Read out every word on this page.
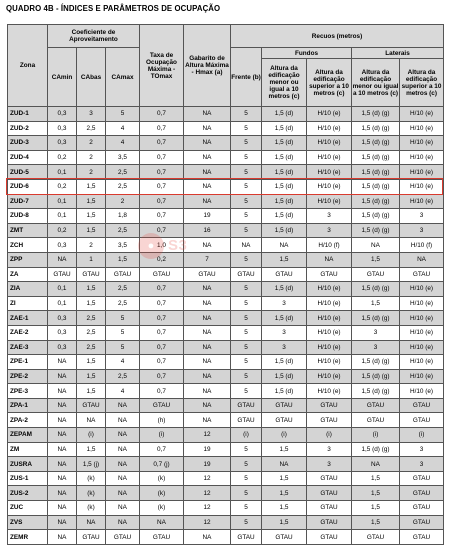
QUADRO 4B - ÍNDICES E PARÂMETROS DE OCUPAÇÃO
Zona	Coeficiente de Aproveitamento			Taxa de Ocupação Máxima - TOmax	Gabarito de Altura Máxima - Hmax (a)	Recuos (metros)				
	CAmin	CAbas	CAmax			Frente (b)	Fundos		Laterais	
							Altura da edificação menor ou igual a 10 metros (c)	Altura da edificação superior a 10 metros (c)	Altura da edificação menor ou igual a 10 metros (c)	Altura da edificação superior a 10 metros (c)
ZUD-1	0,3	3	5	0,7	NA	5	1,5 (d)	H/10 (e)	1,5 (d) (g)	H/10 (e)
ZUD-2	0,3	2,5	4	0,7	NA	5	1,5 (d)	H/10 (e)	1,5 (d) (g)	H/10 (e)
ZUD-3	0,3	2	4	0,7	NA	5	1,5 (d)	H/10 (e)	1,5 (d) (g)	H/10 (e)
ZUD-4	0,2	2	3,5	0,7	NA	5	1,5 (d)	H/10 (e)	1,5 (d) (g)	H/10 (e)
ZUD-5	0,1	2	2,5	0,7	NA	5	1,5 (d)	H/10 (e)	1,5 (d) (g)	H/10 (e)
ZUD-6	0,2	1,5	2,5	0,7	NA	5	1,5 (d)	H/10 (e)	1,5 (d) (g)	H/10 (e)
ZUD-7	0,1	1,5	2	0,7	NA	5	1,5 (d)	H/10 (e)	1,5 (d) (g)	H/10 (e)
ZUD-8	0,1	1,5	1,8	0,7	19	5	1,5 (d)	3	1,5 (d) (g)	3
ZMT	0,2	1,5	2,5	0,7	16	5	1,5 (d)	3	1,5 (d) (g)	3
ZCH	0,3	2	3,5	1,0	NA	NA	NA	H/10 (f)	NA	H/10 (f)
ZPP	NA	1	1,5	0,2	7	5	1,5	NA	1,5	NA
ZA	GTAU	GTAU	GTAU	GTAU	GTAU	GTAU	GTAU	GTAU	GTAU	GTAU
ZIA	0,1	1,5	2,5	0,7	NA	5	1,5 (d)	H/10 (e)	1,5 (d) (g)	H/10 (e)
ZI	0,1	1,5	2,5	0,7	NA	5	3	H/10 (e)	1,5	H/10 (e)
ZAE-1	0,3	2,5	5	0,7	NA	5	1,5 (d)	H/10 (e)	1,5 (d) (g)	H/10 (e)
ZAE-2	0,3	2,5	5	0,7	NA	5	3	H/10 (e)	3	H/10 (e)
ZAE-3	0,3	2,5	5	0,7	NA	5	3	H/10 (e)	3	H/10 (e)
ZPE-1	NA	1,5	4	0,7	NA	5	1,5 (d)	H/10 (e)	1,5 (d) (g)	H/10 (e)
ZPE-2	NA	1,5	2,5	0,7	NA	5	1,5 (d)	H/10 (e)	1,5 (d) (g)	H/10 (e)
ZPE-3	NA	1,5	4	0,7	NA	5	1,5 (d)	H/10 (e)	1,5 (d) (g)	H/10 (e)
ZPA-1	NA	GTAU	NA	GTAU	NA	GTAU	GTAU	GTAU	GTAU	GTAU
ZPA-2	NA	NA	NA	(h)	NA	GTAU	GTAU	GTAU	GTAU	GTAU
ZEPAM	NA	(i)	NA	(i)	12	(i)	(i)	(i)	(i)	(i)
ZM	NA	1,5	NA	0,7	19	5	1,5	3	1,5 (d) (g)	3
ZUSRA	NA	1,5 (j)	NA	0,7 (j)	19	5	NA	3	NA	3
ZUS-1	NA	(k)	NA	(k)	12	5	1,5	GTAU	1,5	GTAU
ZUS-2	NA	(k)	NA	(k)	12	5	1,5	GTAU	1,5	GTAU
ZUC	NA	(k)	NA	(k)	12	5	1,5	GTAU	1,5	GTAU
ZVS	NA	NA	NA	NA	12	5	1,5	GTAU	1,5	GTAU
ZEMR	NA	GTAU	GTAU	GTAU	NA	GTAU	GTAU	GTAU	GTAU	GTAU
● S3
